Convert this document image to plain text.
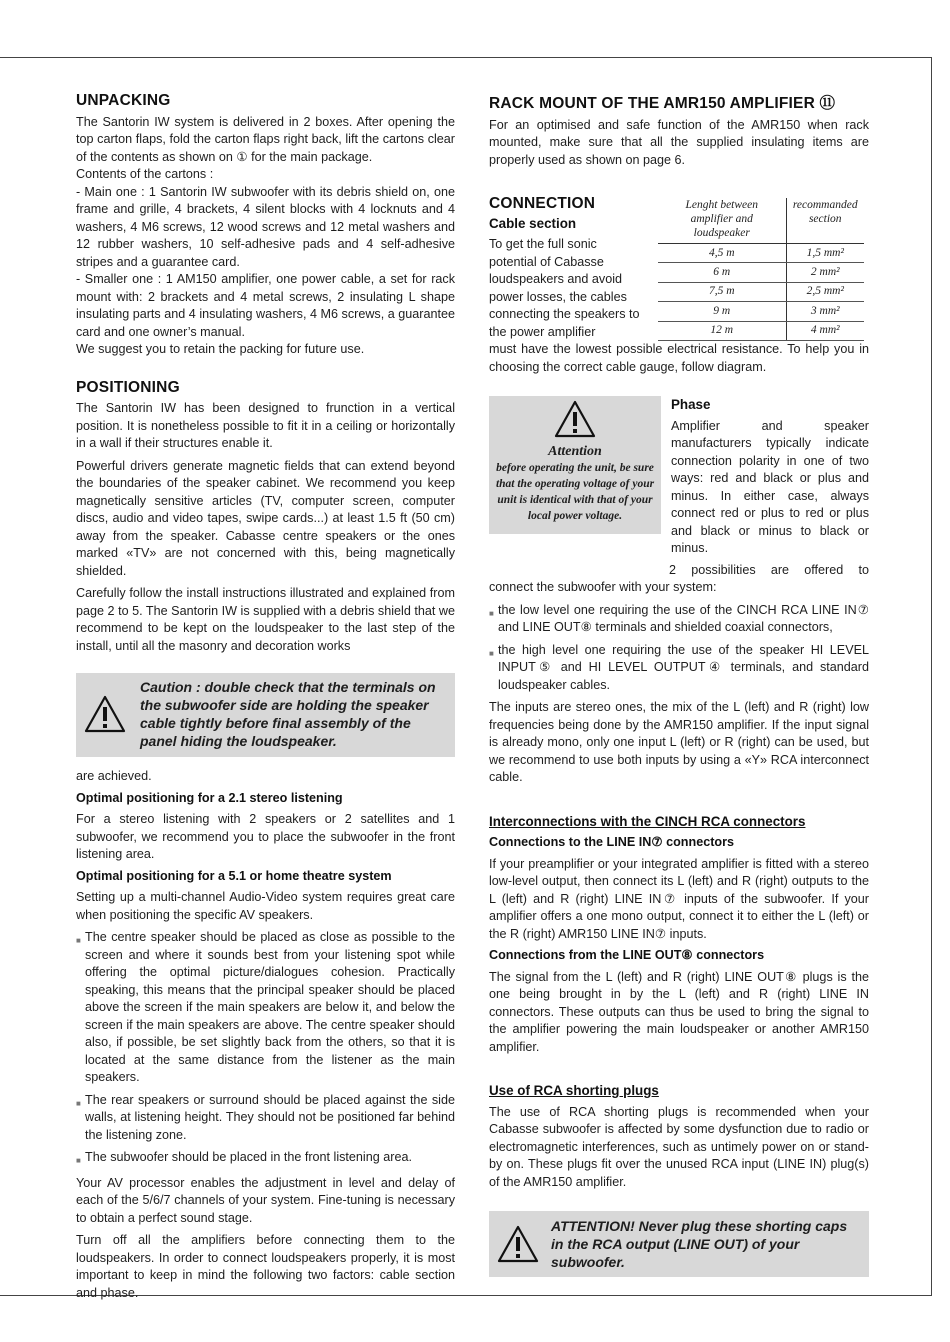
UNPACKING

The Santorin IW system is delivered in 2 boxes. After opening the top carton flaps, fold the carton flaps right back, lift the cartons clear of the contents as shown on ① for the main package.

Contents of the cartons :

- Main one : 1 Santorin IW subwoofer with its debris shield on, one frame and grille, 4 brackets, 4 silent blocks with 4 locknuts and 4 washers, 4 M6 screws, 12 wood screws and 12 metal washers and 12 rubber washers, 10 self-adhesive pads and 4 self-adhesive stripes and a guarantee card.

- Smaller one : 1 AM150 amplifier, one power cable, a set for rack mount with: 2 brackets and 4 metal screws, 2 insulating L shape insulating parts and 4 insulating washers, 4 M6 screws, a guarantee card and one owner’s manual.

We suggest you to retain the packing for future use.

POSITIONING

The Santorin IW has been designed to frunction in a vertical position. It is nonetheless possible to fit it in a ceiling or horizontally in a wall if their structures enable it.

Powerful drivers generate magnetic fields that can extend beyond the boundaries of the speaker cabinet. We recommend you keep magnetically sensitive articles (TV, computer screen, computer discs, audio and video tapes, swipe cards...) at least 1.5 ft (50 cm) away from the speaker. Cabasse centre speakers or the ones marked «TV» are not concerned with this, being magnetically shielded.

Carefully follow the install instructions illustrated and explained from page 2 to 5. The Santorin IW is supplied with a debris shield that we recommend to be kept on the loudspeaker to the last step of the install, until all the masonry and decoration works

Caution : double check that the terminals on the subwoofer side are holding the speaker cable tightly before final assembly of the panel hiding the loudspeaker.

are achieved.

Optimal positioning for a 2.1 stereo listening

For a stereo listening with 2 speakers or 2 satellites and 1 subwoofer, we recommend you to place the subwoofer in the front listening area.

Optimal positioning for a 5.1 or home theatre system

Setting up a multi-channel Audio-Video system requires great care when positioning the specific AV speakers.

■ The centre speaker should be placed as close as possible to the screen and where it sounds best from your listening spot while offering the optimal picture/dialogues cohesion. Practically speaking, this means that the principal speaker should be placed above the screen if the main speakers are below it, and below the screen if the main speakers are above. The centre speaker should also, if possible, be set slightly back from the others, so that it is located at the same distance from the listener as the main speakers.
■ The rear speakers or surround should be placed against the side walls, at listening height. They should not be positioned far behind the listening zone.
■ The subwoofer should be placed in the front listening area.

Your AV processor enables the adjustment in level and delay of each of the 5/6/7 channels of your system. Fine-tuning is necessary to obtain a perfect sound stage.

Turn off all the amplifiers before connecting them to the loudspeakers. In order to connect loudspeakers properly, it is most important to keep in mind the following two factors: cable section and phase.

RACK MOUNT OF THE AMR150 AMPLIFIER ⑪

For an optimised and safe function of the AMR150 when rack mounted, make sure that all the supplied insulating items are properly used as shown on page 6.

CONNECTION
Cable section

To get the full sonic potential of Cabasse loudspeakers and avoid power losses, the cables connecting the speakers to the power amplifier

Lenght between amplifier and loudspeaker	recommanded section
4,5 m	1,5 mm²
6 m	2 mm²
7,5 m	2,5 mm²
9 m	3 mm²
12 m	4 mm²

must have the lowest possible electrical resistance. To help you in choosing the correct cable gauge, follow diagram.

Attention
before operating the unit, be sure that the operating voltage of your unit is identical with that of your local power voltage.
Phase

Amplifier and speaker manufacturers typically indicate connection polarity in one of two ways: red and black or plus and minus. In either case, always connect red or plus to red or plus and black or minus to black or minus.

2 possibilities are offered to connect the subwoofer with your system:

■ the low level one requiring the use of the CINCH RCA LINE IN⑦ and LINE OUT⑧ terminals and shielded coaxial connectors,
■ the high level one requiring the use of the speaker HI LEVEL INPUT⑤ and HI LEVEL OUTPUT④ terminals, and standard loudspeaker cables.

The inputs are stereo ones, the mix of the L (left) and R (right) low frequencies being done by the AMR150 amplifier. If the input signal is already mono, only one input L (left) or R (right) can be used, but we recommend to use both inputs by using a «Y» RCA interconnect cable.

Interconnections with the CINCH RCA connectors
Connections to the LINE IN⑦ connectors

If your preamplifier or your integrated amplifier is fitted with a stereo low-level output, then connect its L (left) and R (right) outputs to the L (left) and R (right) LINE IN⑦ inputs of the subwoofer. If your amplifier offers a one mono output, connect it to either the L (left) or the R (right) AMR150 LINE IN⑦ inputs.

Connections from the LINE OUT⑧ connectors

The signal from the L (left) and R (right) LINE OUT⑧ plugs is the one being brought in by the L (left) and R (right) LINE IN connectors. These outputs can thus be used to bring the signal to the amplifier powering the main loudspeaker or another AMR150 amplifier.

Use of RCA shorting plugs

The use of RCA shorting plugs is recommended when your Cabasse subwoofer is affected by some dysfunction due to radio or electromagnetic interferences, such as untimely power on or stand-by on. These plugs fit over the unused RCA input (LINE IN) plug(s) of the AMR150 amplifier.

ATTENTION! Never plug these shorting caps in the RCA output (LINE OUT) of your subwoofer.
